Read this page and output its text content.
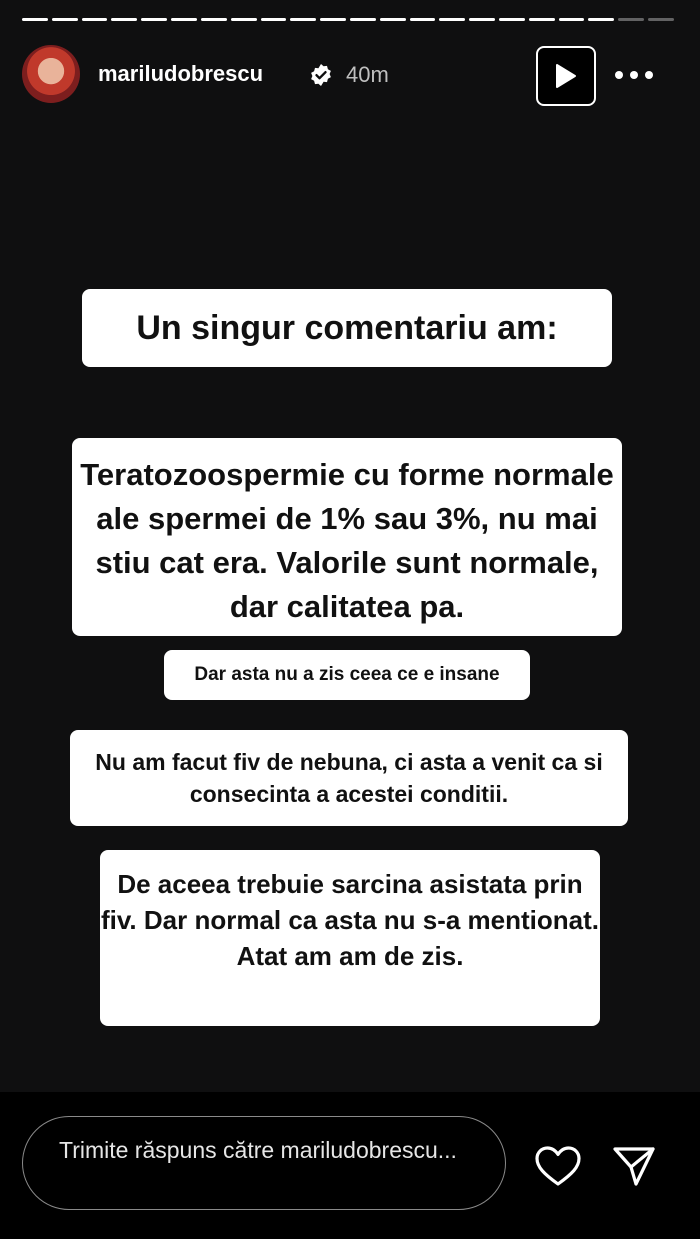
mariludobrescu	40m
Un singur comentariu am:
Teratozoospermie cu forme normale ale spermei de 1% sau 3%, nu mai stiu cat era. Valorile sunt normale, dar calitatea pa.
Dar asta nu a zis ceea ce e insane
Nu am facut fiv de nebuna, ci asta a venit ca si consecinta a acestei conditii.
De aceea trebuie sarcina asistata prin fiv. Dar normal ca asta nu s-a mentionat. Atat am am de zis.
Trimite răspuns către mariludobrescu...
